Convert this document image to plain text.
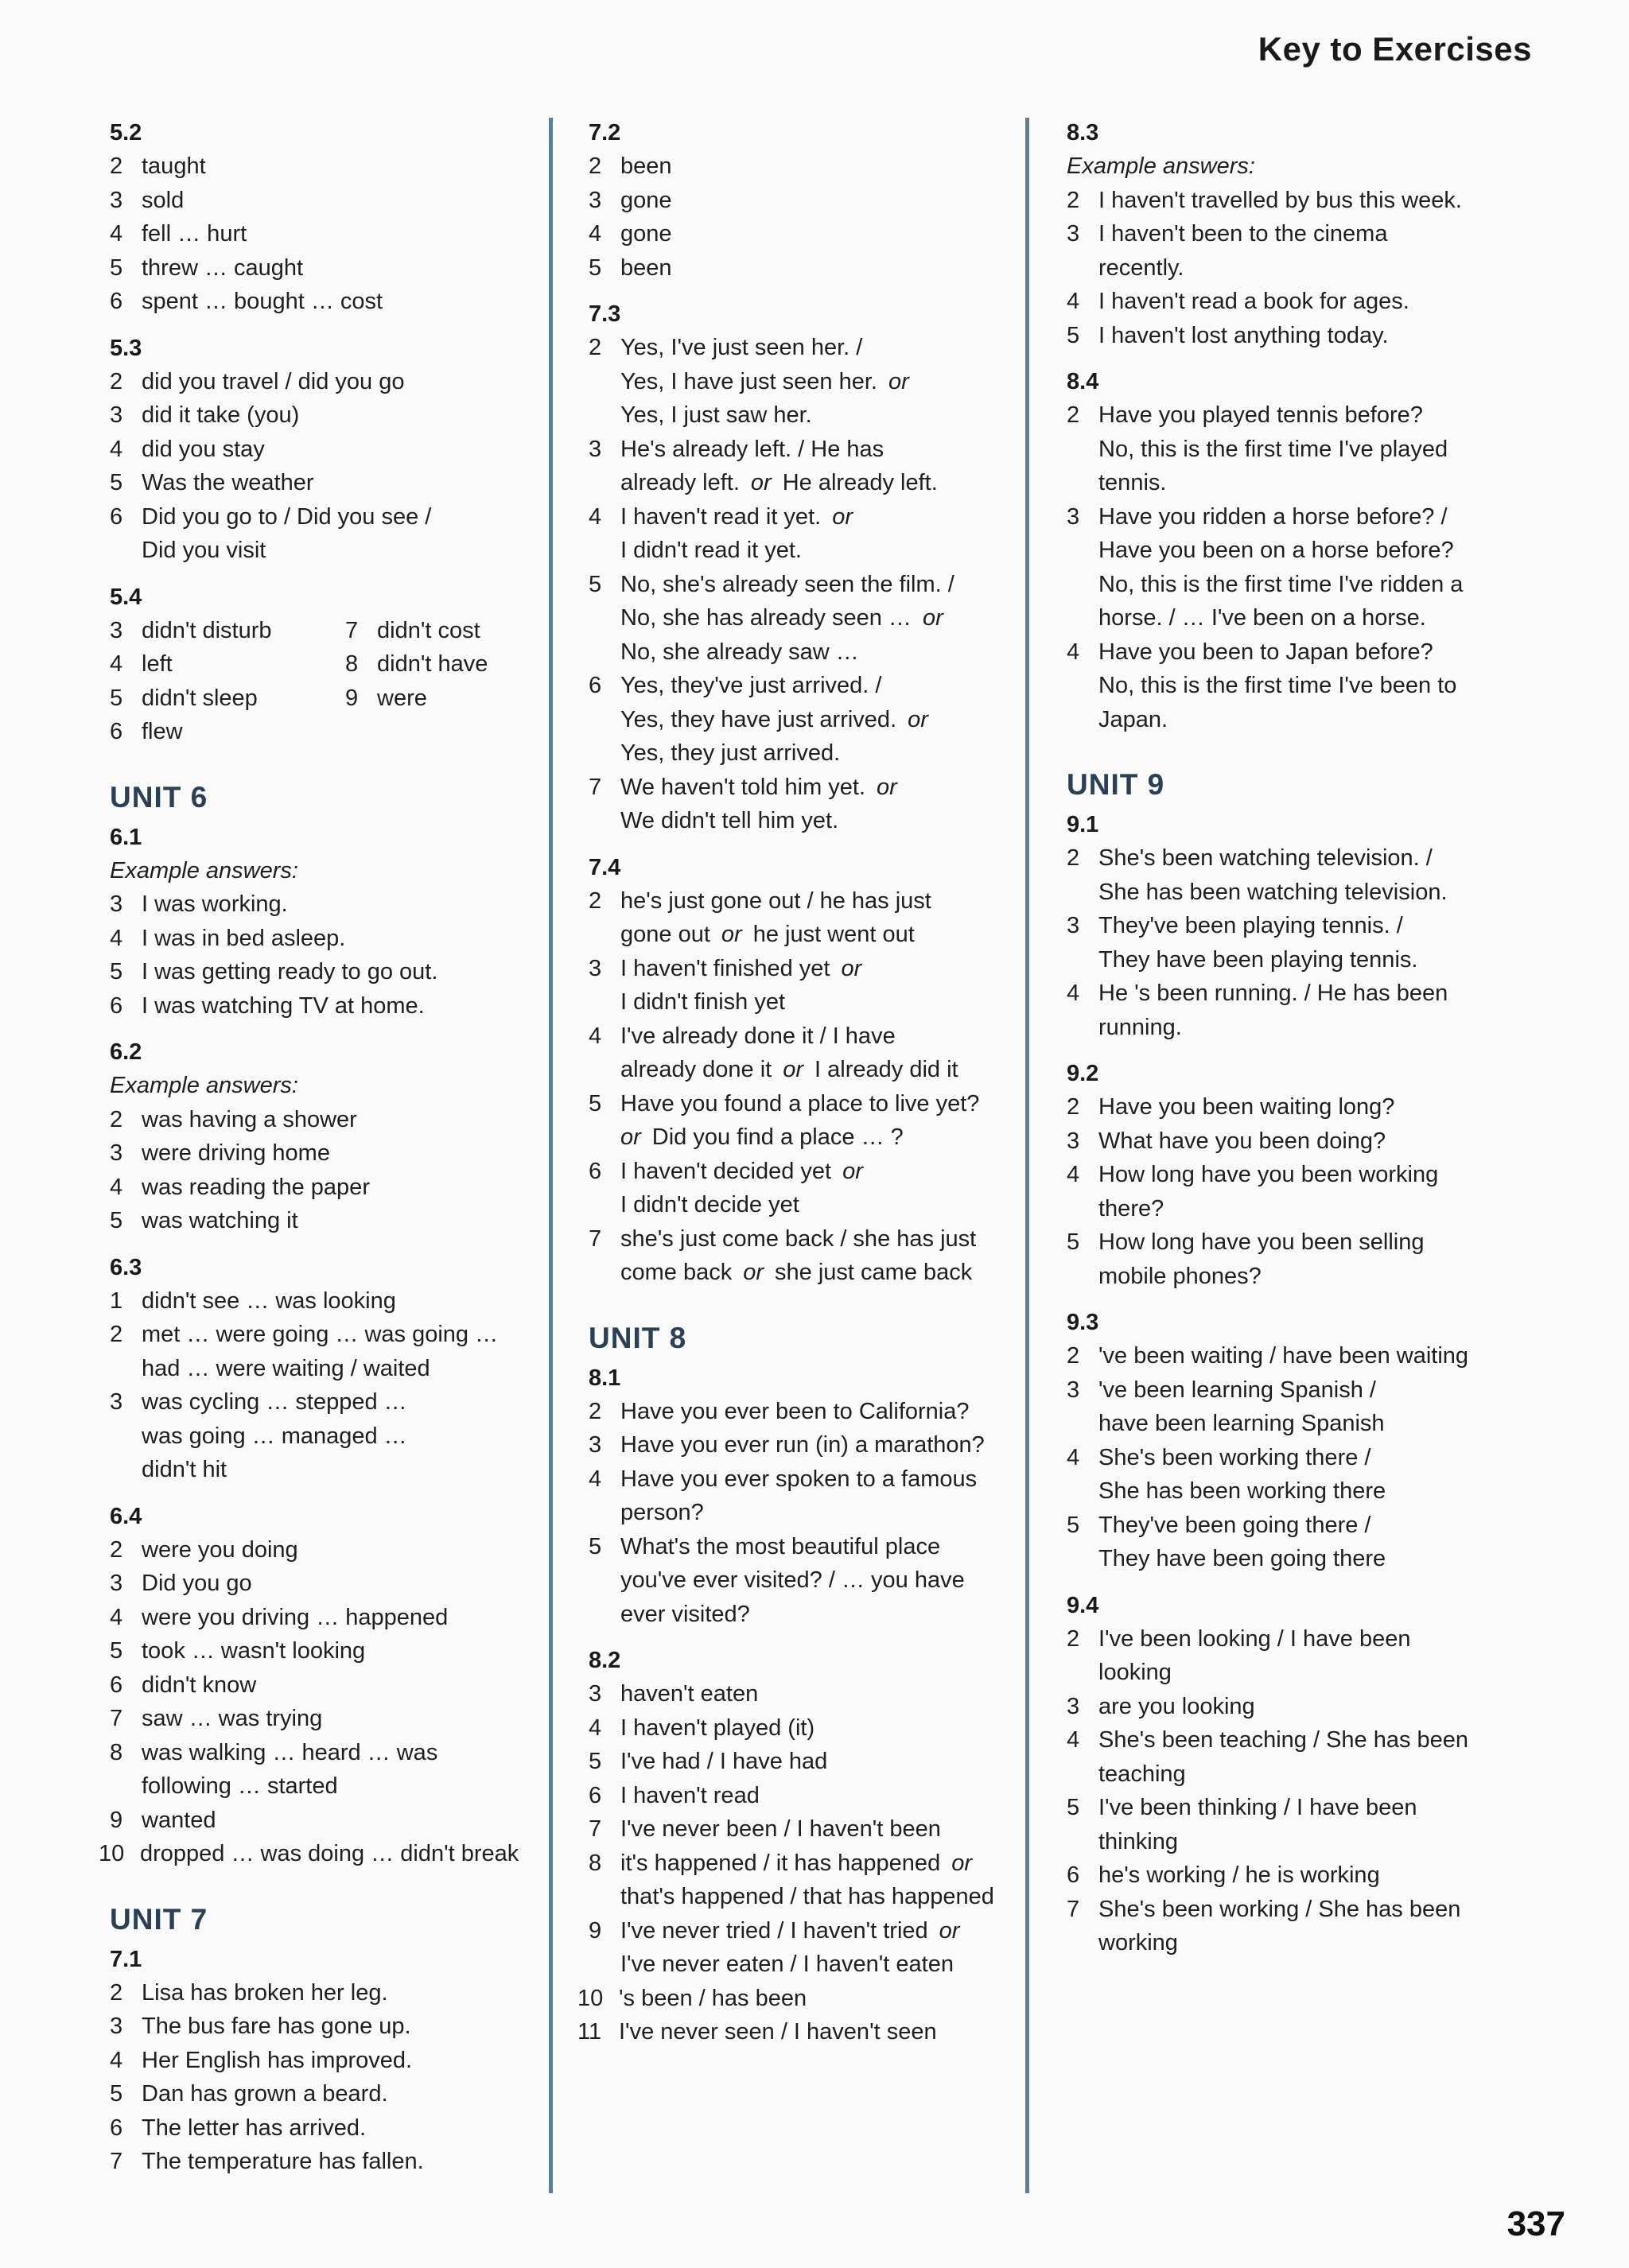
Key to Exercises
5.2
2 taught
3 sold
4 fell … hurt
5 threw … caught
6 spent … bought … cost
5.3
2 did you travel / did you go
3 did it take (you)
4 did you stay
5 Was the weather
6 Did you go to / Did you see /
Did you visit
5.4
3 didn't disturb
4 left
5 didn't sleep
6 flew
7 didn't cost
8 didn't have
9 were
UNIT 6
6.1
Example answers:
3 I was working.
4 I was in bed asleep.
5 I was getting ready to go out.
6 I was watching TV at home.
6.2
Example answers:
2 was having a shower
3 were driving home
4 was reading the paper
5 was watching it
6.3
1 didn't see … was looking
2 met … were going … was going …
had … were waiting / waited
3 was cycling … stepped …
was going … managed …
didn't hit
6.4
2 were you doing
3 Did you go
4 were you driving … happened
5 took … wasn't looking
6 didn't know
7 saw … was trying
8 was walking … heard … was
following … started
9 wanted
10 dropped … was doing … didn't break
UNIT 7
7.1
2 Lisa has broken her leg.
3 The bus fare has gone up.
4 Her English has improved.
5 Dan has grown a beard.
6 The letter has arrived.
7 The temperature has fallen.
7.2
2 been
3 gone
4 gone
5 been
7.3
2 Yes, I've just seen her. /
Yes, I have just seen her. or
Yes, I just saw her.
3 He's already left. / He has
already left. or He already left.
4 I haven't read it yet. or
I didn't read it yet.
5 No, she's already seen the film. /
No, she has already seen … or
No, she already saw …
6 Yes, they've just arrived. /
Yes, they have just arrived. or
Yes, they just arrived.
7 We haven't told him yet. or
We didn't tell him yet.
7.4
2 he's just gone out / he has just
gone out or he just went out
3 I haven't finished yet or
I didn't finish yet
4 I've already done it / I have
already done it or I already did it
5 Have you found a place to live yet?
or Did you find a place … ?
6 I haven't decided yet or
I didn't decide yet
7 she's just come back / she has just
come back or she just came back
UNIT 8
8.1
2 Have you ever been to California?
3 Have you ever run (in) a marathon?
4 Have you ever spoken to a famous
person?
5 What's the most beautiful place
you've ever visited? / … you have
ever visited?
8.2
3 haven't eaten
4 I haven't played (it)
5 I've had / I have had
6 I haven't read
7 I've never been / I haven't been
8 it's happened / it has happened or
that's happened / that has happened
9 I've never tried / I haven't tried or
I've never eaten / I haven't eaten
10 's been / has been
11 I've never seen / I haven't seen
8.3
Example answers:
2 I haven't travelled by bus this week.
3 I haven't been to the cinema
recently.
4 I haven't read a book for ages.
5 I haven't lost anything today.
8.4
2 Have you played tennis before?
No, this is the first time I've played
tennis.
3 Have you ridden a horse before? /
Have you been on a horse before?
No, this is the first time I've ridden a
horse. / … I've been on a horse.
4 Have you been to Japan before?
No, this is the first time I've been to
Japan.
UNIT 9
9.1
2 She's been watching television. /
She has been watching television.
3 They've been playing tennis. /
They have been playing tennis.
4 He 's been running. / He has been
running.
9.2
2 Have you been waiting long?
3 What have you been doing?
4 How long have you been working
there?
5 How long have you been selling
mobile phones?
9.3
2 've been waiting / have been waiting
3 've been learning Spanish /
have been learning Spanish
4 She's been working there /
She has been working there
5 They've been going there /
They have been going there
9.4
2 I've been looking / I have been
looking
3 are you looking
4 She's been teaching / She has been
teaching
5 I've been thinking / I have been
thinking
6 he's working / he is working
7 She's been working / She has been
working
337
